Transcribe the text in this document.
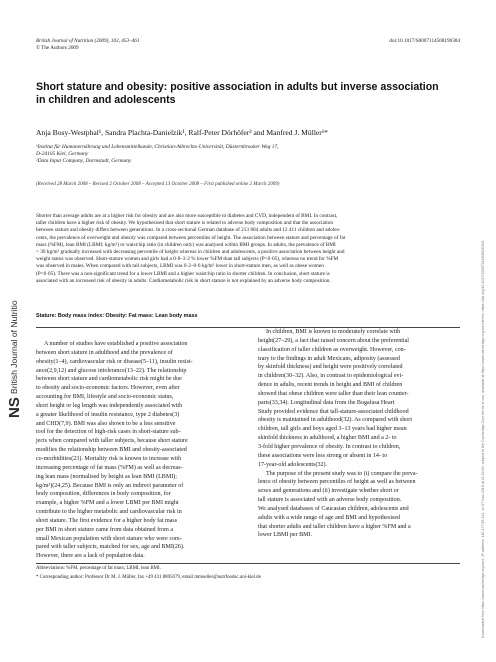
British Journal of Nutrition (2009), 102, 453–461
© The Authors 2009
doi:10.1017/S0007114508190304
NS
British Journal of Nutrition	Downloaded from https://www.cambridge.org/core. IP address: 116.177.65.241, on 07 Nov 2019 at 21:03:53, subject to the Cambridge Core terms of use, available at https://www.cambridge.org/core/terms. https://doi.org/10.1017/S0007114508190304
Short stature and obesity: positive association in adults but inverse association
in children and adolescents
Anja Bosy-Westphal¹, Sandra Plachta-Danielzik¹, Ralf-Peter Dörhöfer² and Manfred J. Müller¹*
¹Institut für Humanernährung und Lebensmittelkunde, Christian-Albrechts-Universität, Düsternbrooker Weg 17,
D-24105 Kiel, Germany
²Data Input Company, Darmstadt, Germany
(Received 28 March 2008 – Revised 2 October 2008 – Accepted 13 October 2008 – First published online 2 March 2009)
Shorter than average adults are at a higher risk for obesity and are also more susceptible to diabetes and CVD, independent of BMI. In contrast,
taller children have a higher risk of obesity. We hypothesised that short stature is related to adverse body composition and that the association
between stature and obesity differs between generations. In a cross-sectional German database of 213 804 adults and 12 411 children and adoles-
cents, the prevalence of overweight and obesity was compared between percentiles of height. The association between stature and percentage of fat
mass (%FM), lean BMI (LBMI; kg/m²) or waist:hip ratio (in children only) was analysed within BMI groups. In adults, the prevalence of BMI
> 30 kg/m² gradually increased with decreasing percentile of height whereas in children and adolescents, a positive association between height and
weight status was observed. Short-stature women and girls had a 0·8–3·2 % lower %FM than tall subjects (P<0·05), whereas no trend for %FM
was observed in males. When compared with tall subjects, LBMI was 0·2–0·6 kg/m² lower in short-stature men, as well as obese women
(P<0·05). There was a non-significant trend for a lower LBMI and a higher waist:hip ratio in shorter children. In conclusion, short stature is
associated with an increased risk of obesity in adults. Cardiometabolic risk in short stature is not explained by an adverse body composition.
Stature: Body mass index: Obesity: Fat mass: Lean body mass
A number of studies have established a positive association
between short stature in adulthood and the prevalence of
obesity(1–4), cardiovascular risk or disease(5–11), insulin resist-
ance(2,9,12) and glucose intolerance(13–22). The relationship
between short stature and cardiometabolic risk might be due
to obesity and socio-economic factors. However, even after
accounting for BMI, lifestyle and socio-economic status,
short height or leg length was independently associated with
a greater likelihood of insulin resistance, type 2 diabetes(3)
and CHD(7,9). BMI was also shown to be a less sensitive
tool for the detection of high-risk cases in short-stature sub-
jects when compared with taller subjects, because short stature
modifies the relationship between BMI and obesity-associated
co-morbidities(23). Mortality risk is known to increase with
increasing percentage of fat mass (%FM) as well as decreas-
ing lean mass (normalised by height as lean BMI (LBMI);
kg/m²)(24,25). Because BMI is only an indirect parameter of
body composition, differences in body composition, for
example, a higher %FM and a lower LBMI per BMI might
contribute to the higher metabolic and cardiovascular risk in
short stature. The first evidence for a higher body fat mass
per BMI in short stature came from data obtained from a
small Mexican population with short stature who were com-
pared with taller subjects, matched for sex, age and BMI(26).
However, there are a lack of population data.
In children, BMI is known to moderately correlate with
height(27–29), a fact that raised concern about the preferential
classification of taller children as overweight. However, con-
trary to the findings in adult Mexicans, adiposity (assessed
by skinfold thickness) and height were positively correlated
in children(30–32). Also, in contrast to epidemiological evi-
dence in adults, recent trends in height and BMI of children
showed that obese children were taller than their lean counter-
parts(33,34). Longitudinal data from the Bogalusa Heart
Study provided evidence that tall-stature-associated childhood
obesity is maintained in adulthood(32). As compared with short
children, tall girls and boys aged 3–13 years had higher mean
skinfold thickness in adulthood, a higher BMI and a 2- to
3-fold higher prevalence of obesity. In contrast to children,
these associations were less strong or absent in 14- to
17-year-old adolescents(32).
The purpose of the present study was to (i) compare the preva-
lence of obesity between percentiles of height as well as between
sexes and generations and (ii) investigate whether short or
tall stature is associated with an adverse body composition.
We analysed databases of Caucasian children, adolescents and
adults with a wide range of age and BMI and hypothesised
that shorter adults and taller children have a higher %FM and a
lower LBMI per BMI.
Abbreviations: %FM, percentage of fat mass; LBMI, lean BMI.
* Corresponding author: Professor Dr M. J. Müller, fax +49 431 8805679, email mmueller@nutrfoodsc.uni-kiel.de
